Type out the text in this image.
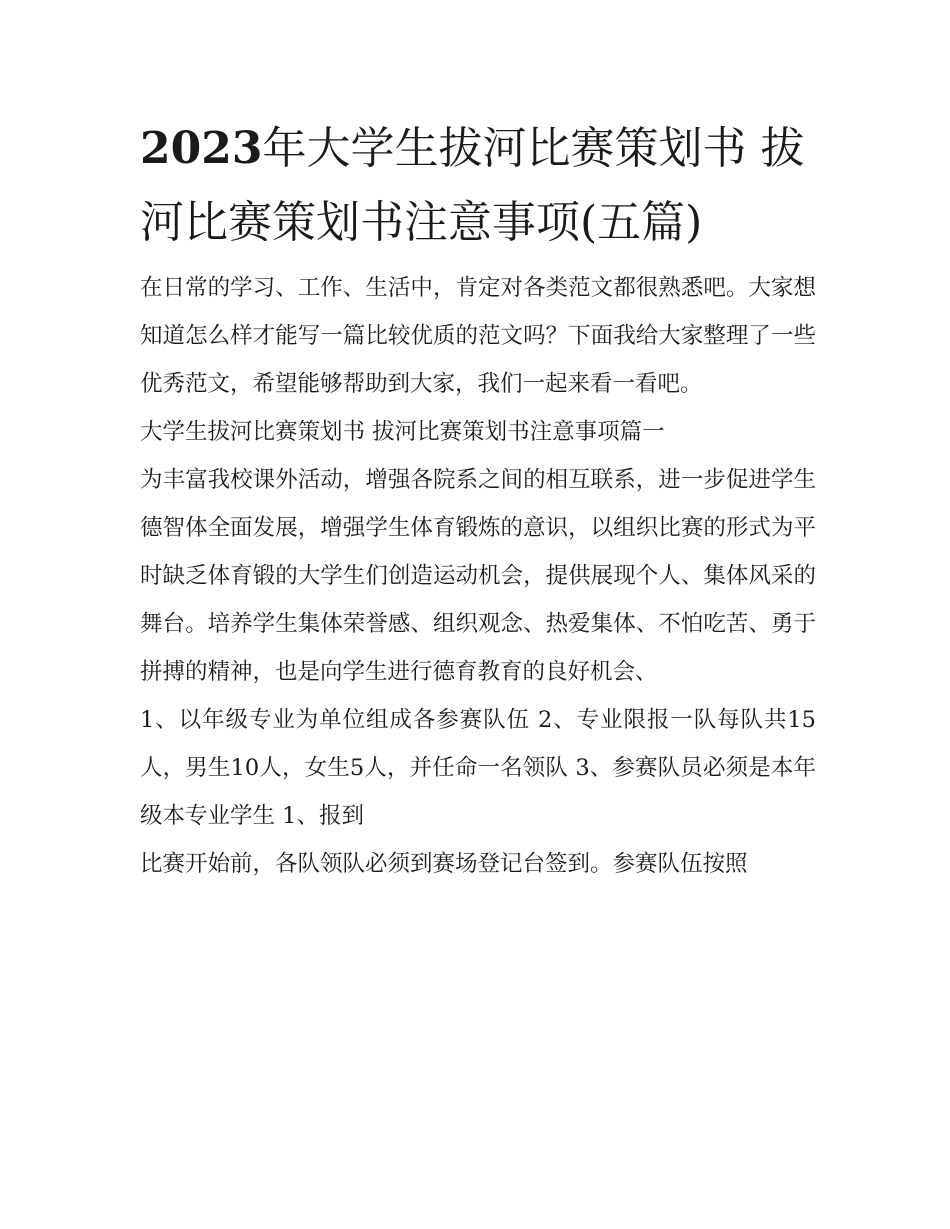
2023年大学生拔河比赛策划书 拔河比赛策划书注意事项(五篇)

在日常的学习、工作、生活中，肯定对各类范文都很熟悉吧。大家想知道怎么样才能写一篇比较优质的范文吗？下面我给大家整理了一些优秀范文，希望能够帮助到大家，我们一起来看一看吧。

大学生拔河比赛策划书 拔河比赛策划书注意事项篇一

为丰富我校课外活动，增强各院系之间的相互联系，进一步促进学生德智体全面发展，增强学生体育锻炼的意识，以组织比赛的形式为平时缺乏体育锻的大学生们创造运动机会，提供展现个人、集体风采的舞台。培养学生集体荣誉感、组织观念、热爱集体、不怕吃苦、勇于拼搏的精神，也是向学生进行德育教育的良好机会、

1、以年级专业为单位组成各参赛队伍 2、专业限报一队每队共15人，男生10人，女生5人，并任命一名领队 3、参赛队员必须是本年级本专业学生 1、报到

比赛开始前，各队领队必须到赛场登记台签到。参赛队伍按照
